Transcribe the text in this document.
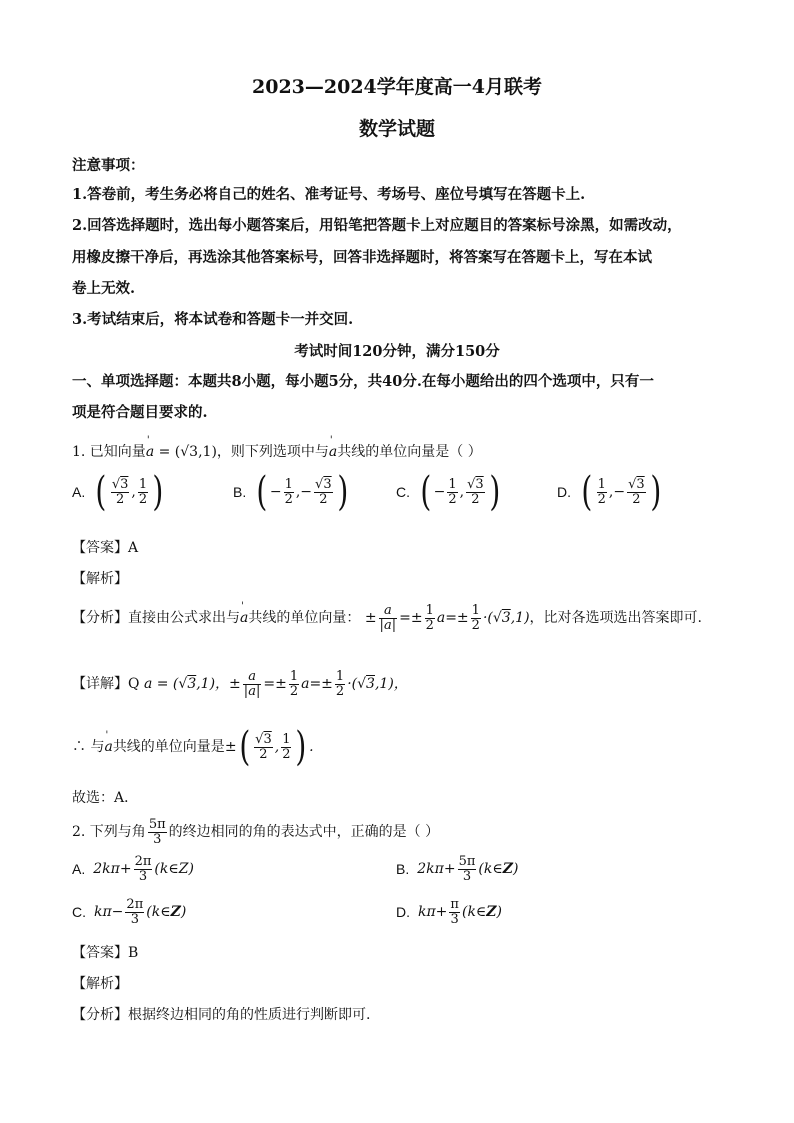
2023—2024学年度高一4月联考
数学试题
注意事项：
1.答卷前，考生务必将自己的姓名、准考证号、考场号、座位号填写在答题卡上.
2.回答选择题时，选出每小题答案后，用铅笔把答题卡上对应题目的答案标号涂黑，如需改动，
用橡皮擦干净后，再选涂其他答案标号，回答非选择题时，将答案写在答题卡上，写在本试
卷上无效.
3.考试结束后，将本试卷和答题卡一并交回.
考试时间120分钟，满分150分
一、单项选择题：本题共8小题，每小题5分，共40分.在每小题给出的四个选项中，只有一
项是符合题目要求的.
1. 已知向量' a = (√3,1)，则下列选项中与' a共线的单位向量是（ ）
A. ( $\frac{√3}{2}$ , $\frac{1}{2}$ )	B. ( − $\frac{1}{2}$ ,− $\frac{√3}{2}$ )	C. ( − $\frac{1}{2}$ , $\frac{√3}{2}$ )	D. ( $\frac{1}{2}$ ,− $\frac{√3}{2}$ )
【答案】A
【解析】
【分析】直接由公式求出与' a共线的单位向量： ± $\frac{a}{|a|} =\pm \frac{1}{2} a=\pm \frac{1}{2} \cdot(√3,1)$，比对各选项选出答案即可.
【详解】Q a = (√3,1)，± $\frac{a}{|a|} =\pm \frac{1}{2} a=\pm \frac{1}{2} \cdot(√3,1)$，
∴ 与' a共线的单位向量是±( $\frac{√3}{2}$ , $\frac{1}{2}$ ) .
故选：A．
2. 下列与角 $\frac{5\pi}{3}$ 的终边相同的角的表达式中，正确的是（ ）
A. $2k\pi+ \frac{2\pi}{3}$ (k∈Z)	B. $2k\pi+ \frac{5\pi}{3}$ (k∈Z)
C. $k\pi- \frac{2\pi}{3}$ (k∈Z)	D. $k\pi+ \frac{\pi}{3}$ (k∈Z)
【答案】B
【解析】
【分析】根据终边相同的角的性质进行判断即可.
